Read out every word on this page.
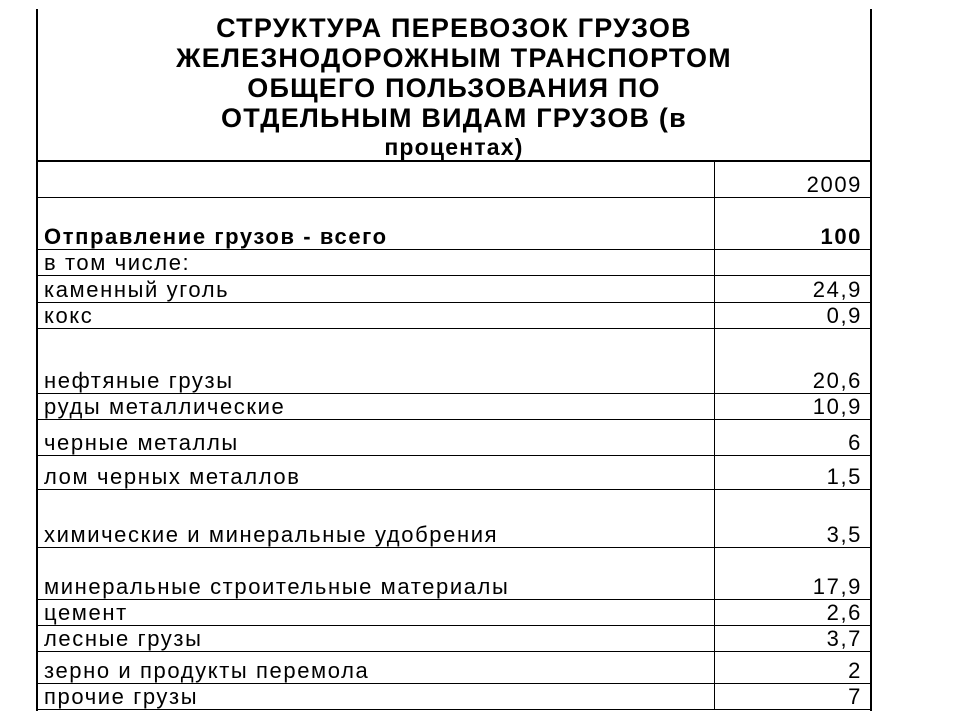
СТРУКТУРА ПЕРЕВОЗОК ГРУЗОВ
ЖЕЛЕЗНОДОРОЖНЫМ ТРАНСПОРТОМ
ОБЩЕГО ПОЛЬЗОВАНИЯ ПО
ОТДЕЛЬНЫМ ВИДАМ ГРУЗОВ (в
процентах)
	2009
Отправление грузов - всего	100
в том числе:	
каменный уголь	24,9
кокс	0,9
нефтяные грузы	20,6
руды металлические	10,9
черные металлы	6
лом черных металлов	1,5
химические и минеральные удобрения	3,5
минеральные строительные материалы	17,9
цемент	2,6
лесные грузы	3,7
зерно и продукты перемола	2
прочие грузы	7
